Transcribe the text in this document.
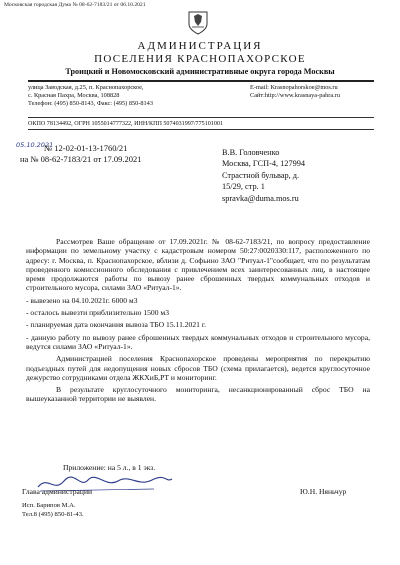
Московская городская Дума № 08-62-7183/21 от 06.10.2021
АДМИНИСТРАЦИЯ
ПОСЕЛЕНИЯ КРАСНОПАХОРСКОЕ
Троицкий и Новомосковский административные округа города Москвы
улица Заводская, д.25, п. Краснопахорское,
с. Красная Пахра, Москва, 108828
Телефон: (495) 850-8143, Факс: (495) 850-8143
E-mail: Krasnopahorskoe@mos.ru
Сайт:http://www.krasnaya-pahra.ru
ОКПО 78134492, ОГРН 1055014777322, ИНН/КПП 5074031997/775101001
05.10.2021
№ 12-02-01-13-1760/21
на № 08-62-7183/21 от 17.09.2021
В.В. Головченко
Москва, ГСП-4, 127994
Страстной бульвар, д.
15/29, стр. 1
spravka@duma.mos.ru

Рассмотрев Ваше обращение от 17.09.2021г. № 08-62-7183/21, по вопросу предоставление информации по земельному участку с кадастровым номером 50:27:0020330:117, расположенного по адресу: г. Москва, п. Краснопахорское, вблизи д. Софьино ЗАО "Ритуал-1"сообщает, что по результатам проведенного комиссионного обследования с привлечением всех заинтересованных лиц, в настоящее время продолжаются работы по вывозу ранее сброшенных твердых коммунальных отходов и строительного мусора, силами ЗАО «Ритуал-1».

- вывезено на 04.10.2021г. 6000 м3

- осталось вывезти приблизительно 1500 м3

- планируемая дата окончания вывоза ТБО 15.11.2021 г.

- данную работу по вывозу ранее сброшенных твердых коммунальных отходов и строительного мусора, ведутся силами ЗАО «Ритуал-1».

Администрацией поселения Краснопахорское проведены мероприятия по перекрытию подъездных путей для недопущения новых сбросов ТБО (схема прилагается), ведется круглосуточное дежурство сотрудниками отдела ЖКХиБ,РТ и мониторинг.

В результате круглосуточного мониторинга, несанкционированный сброс ТБО на вышеуказанной территории не выявлен.

Приложение: на 5 л., в 1 экз.
Глава администрации	Ю.Н. Няньчур
Исп. Барипов М.А.
Тел.8 (495) 850-81-43.
